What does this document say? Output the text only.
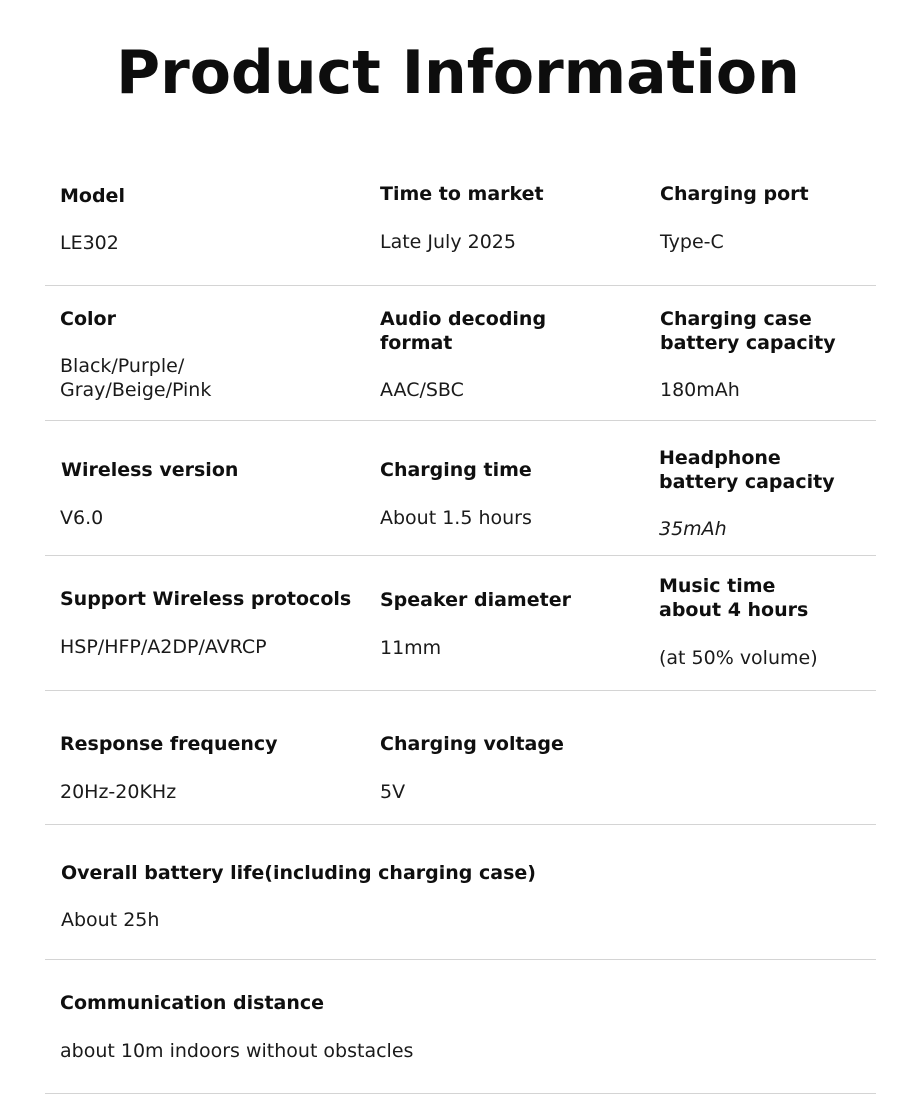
Product Information
Model
LE302
Time to market
Late July 2025
Charging port
Type-C
Color
Black/Purple/
Gray/Beige/Pink
Audio decoding
format
AAC/SBC
Charging case
battery capacity
180mAh
Wireless version
V6.0
Charging time
About 1.5 hours
Headphone
battery capacity
35mAh
Support Wireless protocols
HSP/HFP/A2DP/AVRCP
Speaker diameter
11mm
Music time
about 4 hours
(at 50% volume)
Response frequency
20Hz-20KHz
Charging voltage
5V
Overall battery life(including charging case)
About 25h
Communication distance
about 10m indoors without obstacles
